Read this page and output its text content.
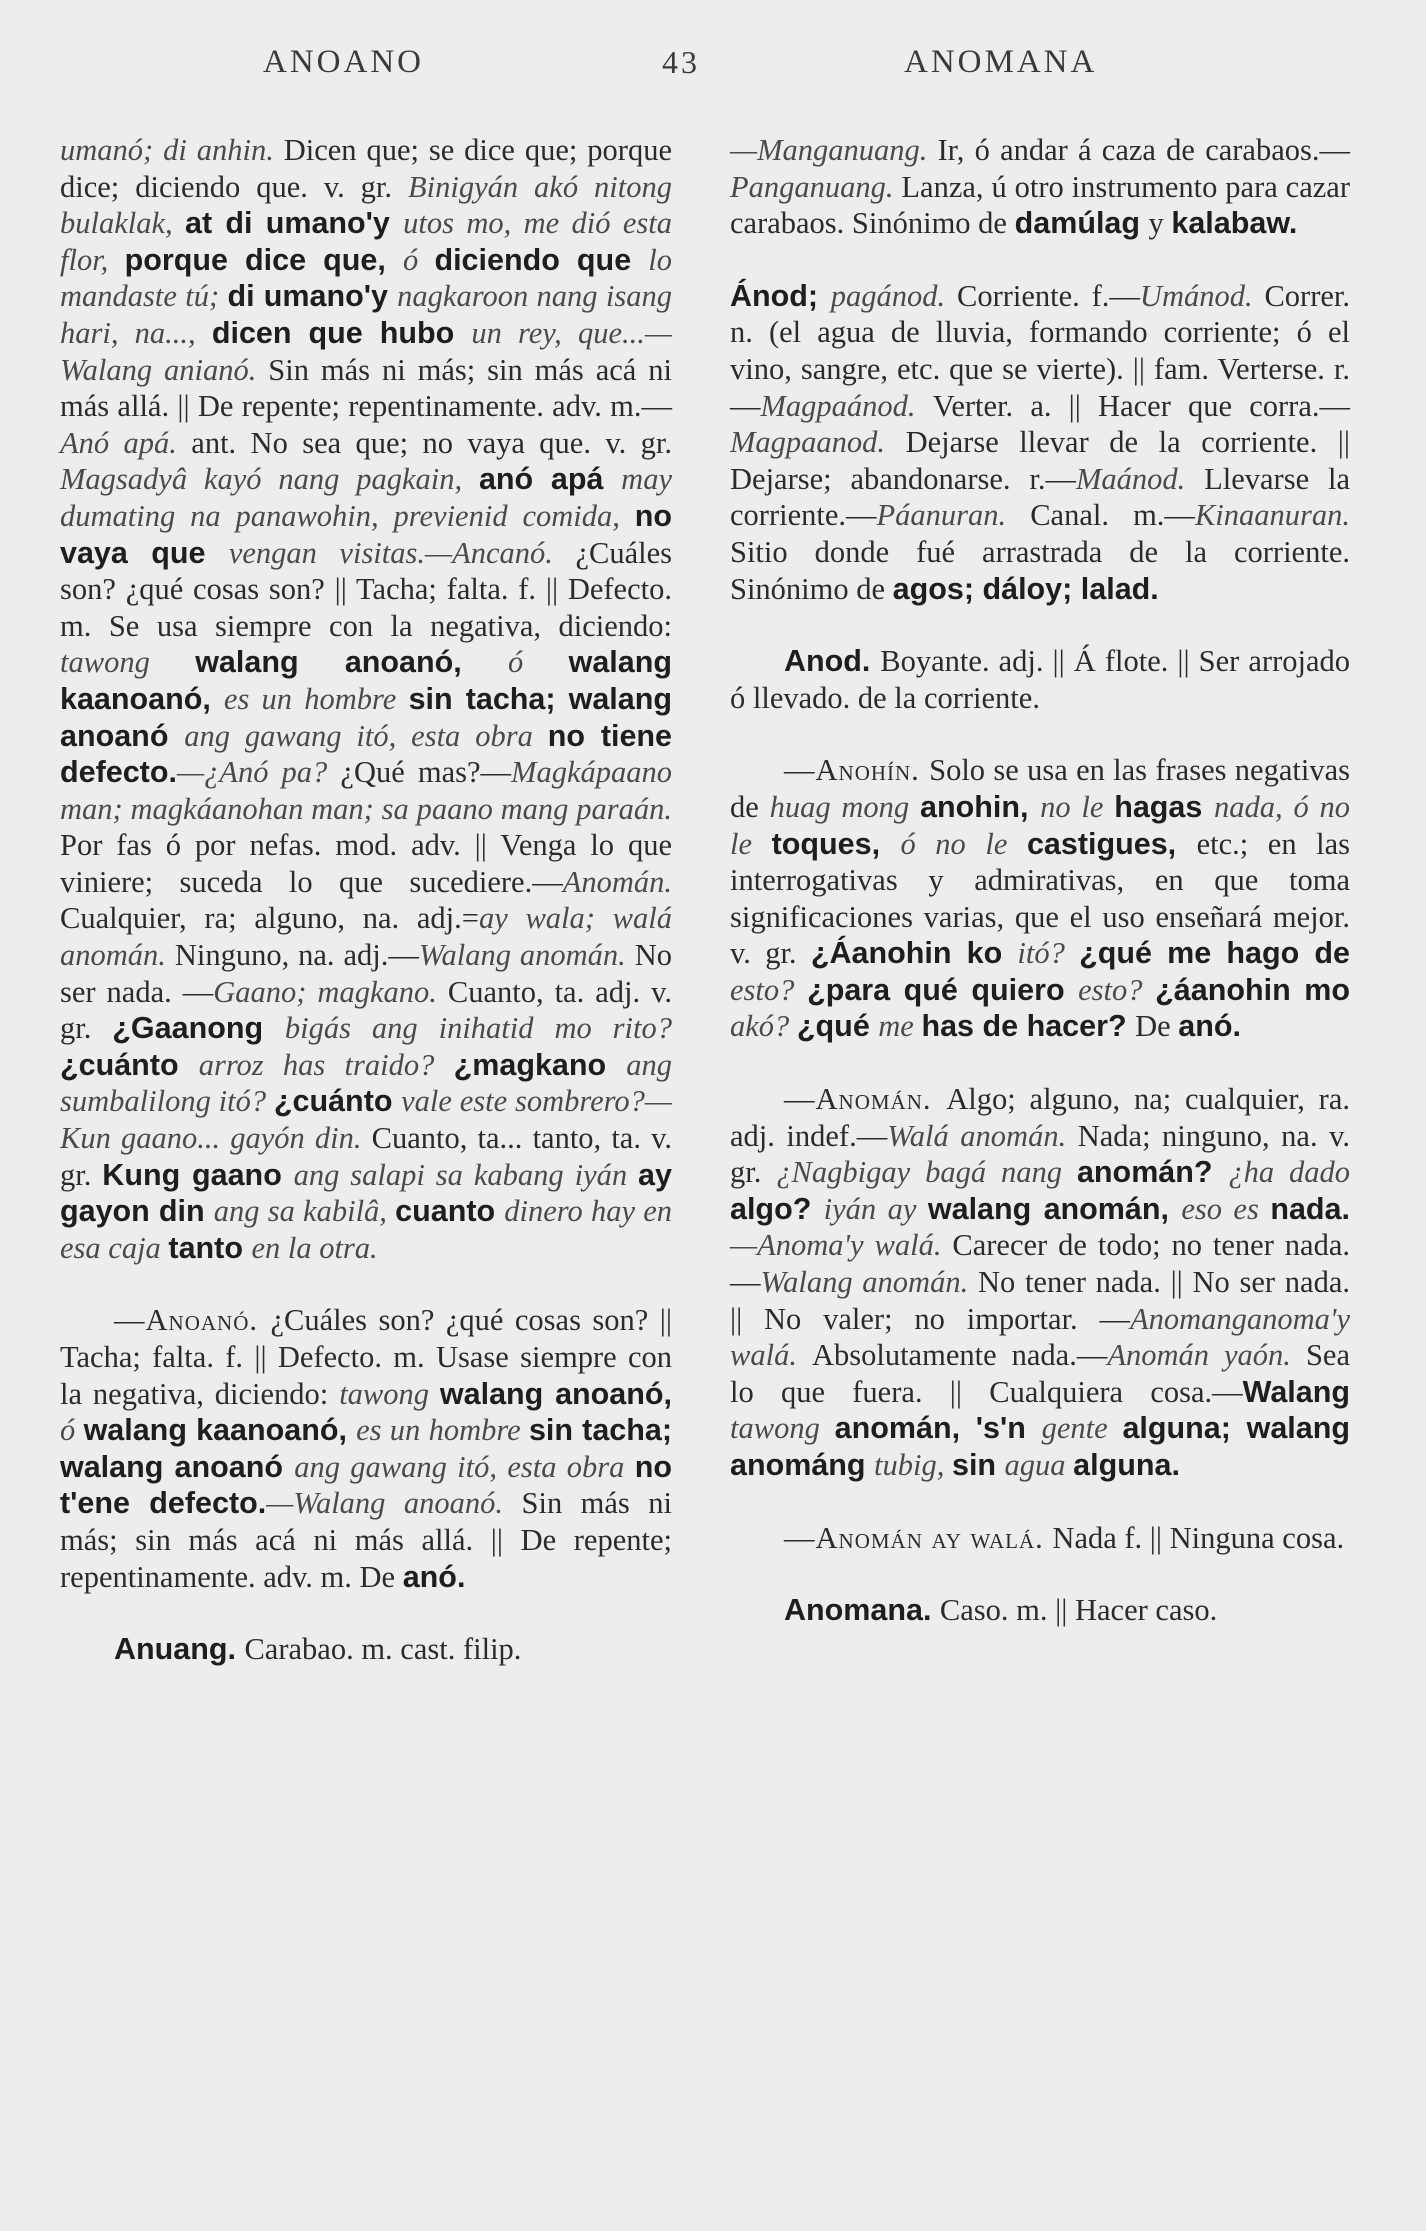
ANOANO	43	ANOMANA

umanó; di anhin. Dicen que; se dice que; porque dice; diciendo que. v. gr. Binigyán akó nitong bulaklak, at di umano'y utos mo, me dió esta flor, porque dice que, ó diciendo que lo mandaste tú; di umano'y nagkaroon nang isang hari, na..., dicen que hubo un rey, que...—Walang anianó. Sin más ni más; sin más acá ni más allá. || De repente; repentinamente. adv. m.—Anó apá. ant. No sea que; no vaya que. v. gr. Magsadyâ kayó nang pagkain, anó apá may dumating na panawohin, previenid comida, no vaya que vengan visitas.—Ancanó. ¿Cuáles son? ¿qué cosas son? || Tacha; falta. f. || Defecto. m. Se usa siempre con la negativa, diciendo: tawong walang anoanó, ó walang kaanoanó, es un hombre sin tacha; walang anoanó ang gawang itó, esta obra no tiene defecto.—¿Anó pa? ¿Qué mas?—Magkápaano man; magkáanohan man; sa paano mang paraán. Por fas ó por nefas. mod. adv. || Venga lo que viniere; suceda lo que sucediere.—Anomán. Cualquier, ra; alguno, na. adj.=ay wala; walá anomán. Ninguno, na. adj.—Walang anomán. No ser nada. —Gaano; magkano. Cuanto, ta. adj. v. gr. ¿Gaanong bigás ang inihatid mo rito? ¿cuánto arroz has traido? ¿magkano ang sumbalilong itó? ¿cuánto vale este sombrero?—Kun gaano... gayón din. Cuanto, ta... tanto, ta. v. gr. Kung gaano ang salapi sa kabang iyán ay gayon din ang sa kabilâ, cuanto dinero hay en esa caja tanto en la otra.

—Anoanó. ¿Cuáles son? ¿qué cosas son? || Tacha; falta. f. || Defecto. m. Usase siempre con la negativa, diciendo: tawong walang anoanó, ó walang kaanoanó, es un hombre sin tacha; walang anoanó ang gawang itó, esta obra no t'ene defecto.—Walang anoanó. Sin más ni más; sin más acá ni más allá. || De repente; repentinamente. adv. m. De anó.

Anuang. Carabao. m. cast. filip.

—Manganuang. Ir, ó andar á caza de carabaos.—Panganuang. Lanza, ú otro instrumento para cazar carabaos. Sinónimo de damúlag y kalabaw.

Ánod; pagánod. Corriente. f.—Umánod. Correr. n. (el agua de lluvia, formando corriente; ó el vino, sangre, etc. que se vierte). || fam. Verterse. r.—Magpaánod. Verter. a. || Hacer que corra.—Magpaanod. Dejarse llevar de la corriente. || Dejarse; abandonarse. r.—Maánod. Llevarse la corriente.—Páanuran. Canal. m.—Kinaanuran. Sitio donde fué arrastrada de la corriente. Sinónimo de agos; dáloy; lalad.

Anod. Boyante. adj. || Á flote. || Ser arrojado ó llevado. de la corriente.

—Anohín. Solo se usa en las frases negativas de huag mong anohin, no le hagas nada, ó no le toques, ó no le castigues, etc.; en las interrogativas y admirativas, en que toma significaciones varias, que el uso enseñará mejor. v. gr. ¿Áanohin ko itó? ¿qué me hago de esto? ¿para qué quiero esto? ¿áanohin mo akó? ¿qué me has de hacer? De anó.

—Anomán. Algo; alguno, na; cualquier, ra. adj. indef.—Walá anomán. Nada; ninguno, na. v. gr. ¿Nagbigay bagá nang anomán? ¿ha dado algo? iyán ay walang anomán, eso es nada.—Anoma'y walá. Carecer de todo; no tener nada.—Walang anomán. No tener nada. || No ser nada. || No valer; no importar. —Anomanganoma'y walá. Absolutamente nada.—Anomán yaón. Sea lo que fuera. || Cualquiera cosa.—Walang tawong anomán, 's'n gente alguna; walang anománg tubig, sin agua alguna.

—Anomán ay walá. Nada f. || Ninguna cosa.

Anomana. Caso. m. || Hacer caso.
